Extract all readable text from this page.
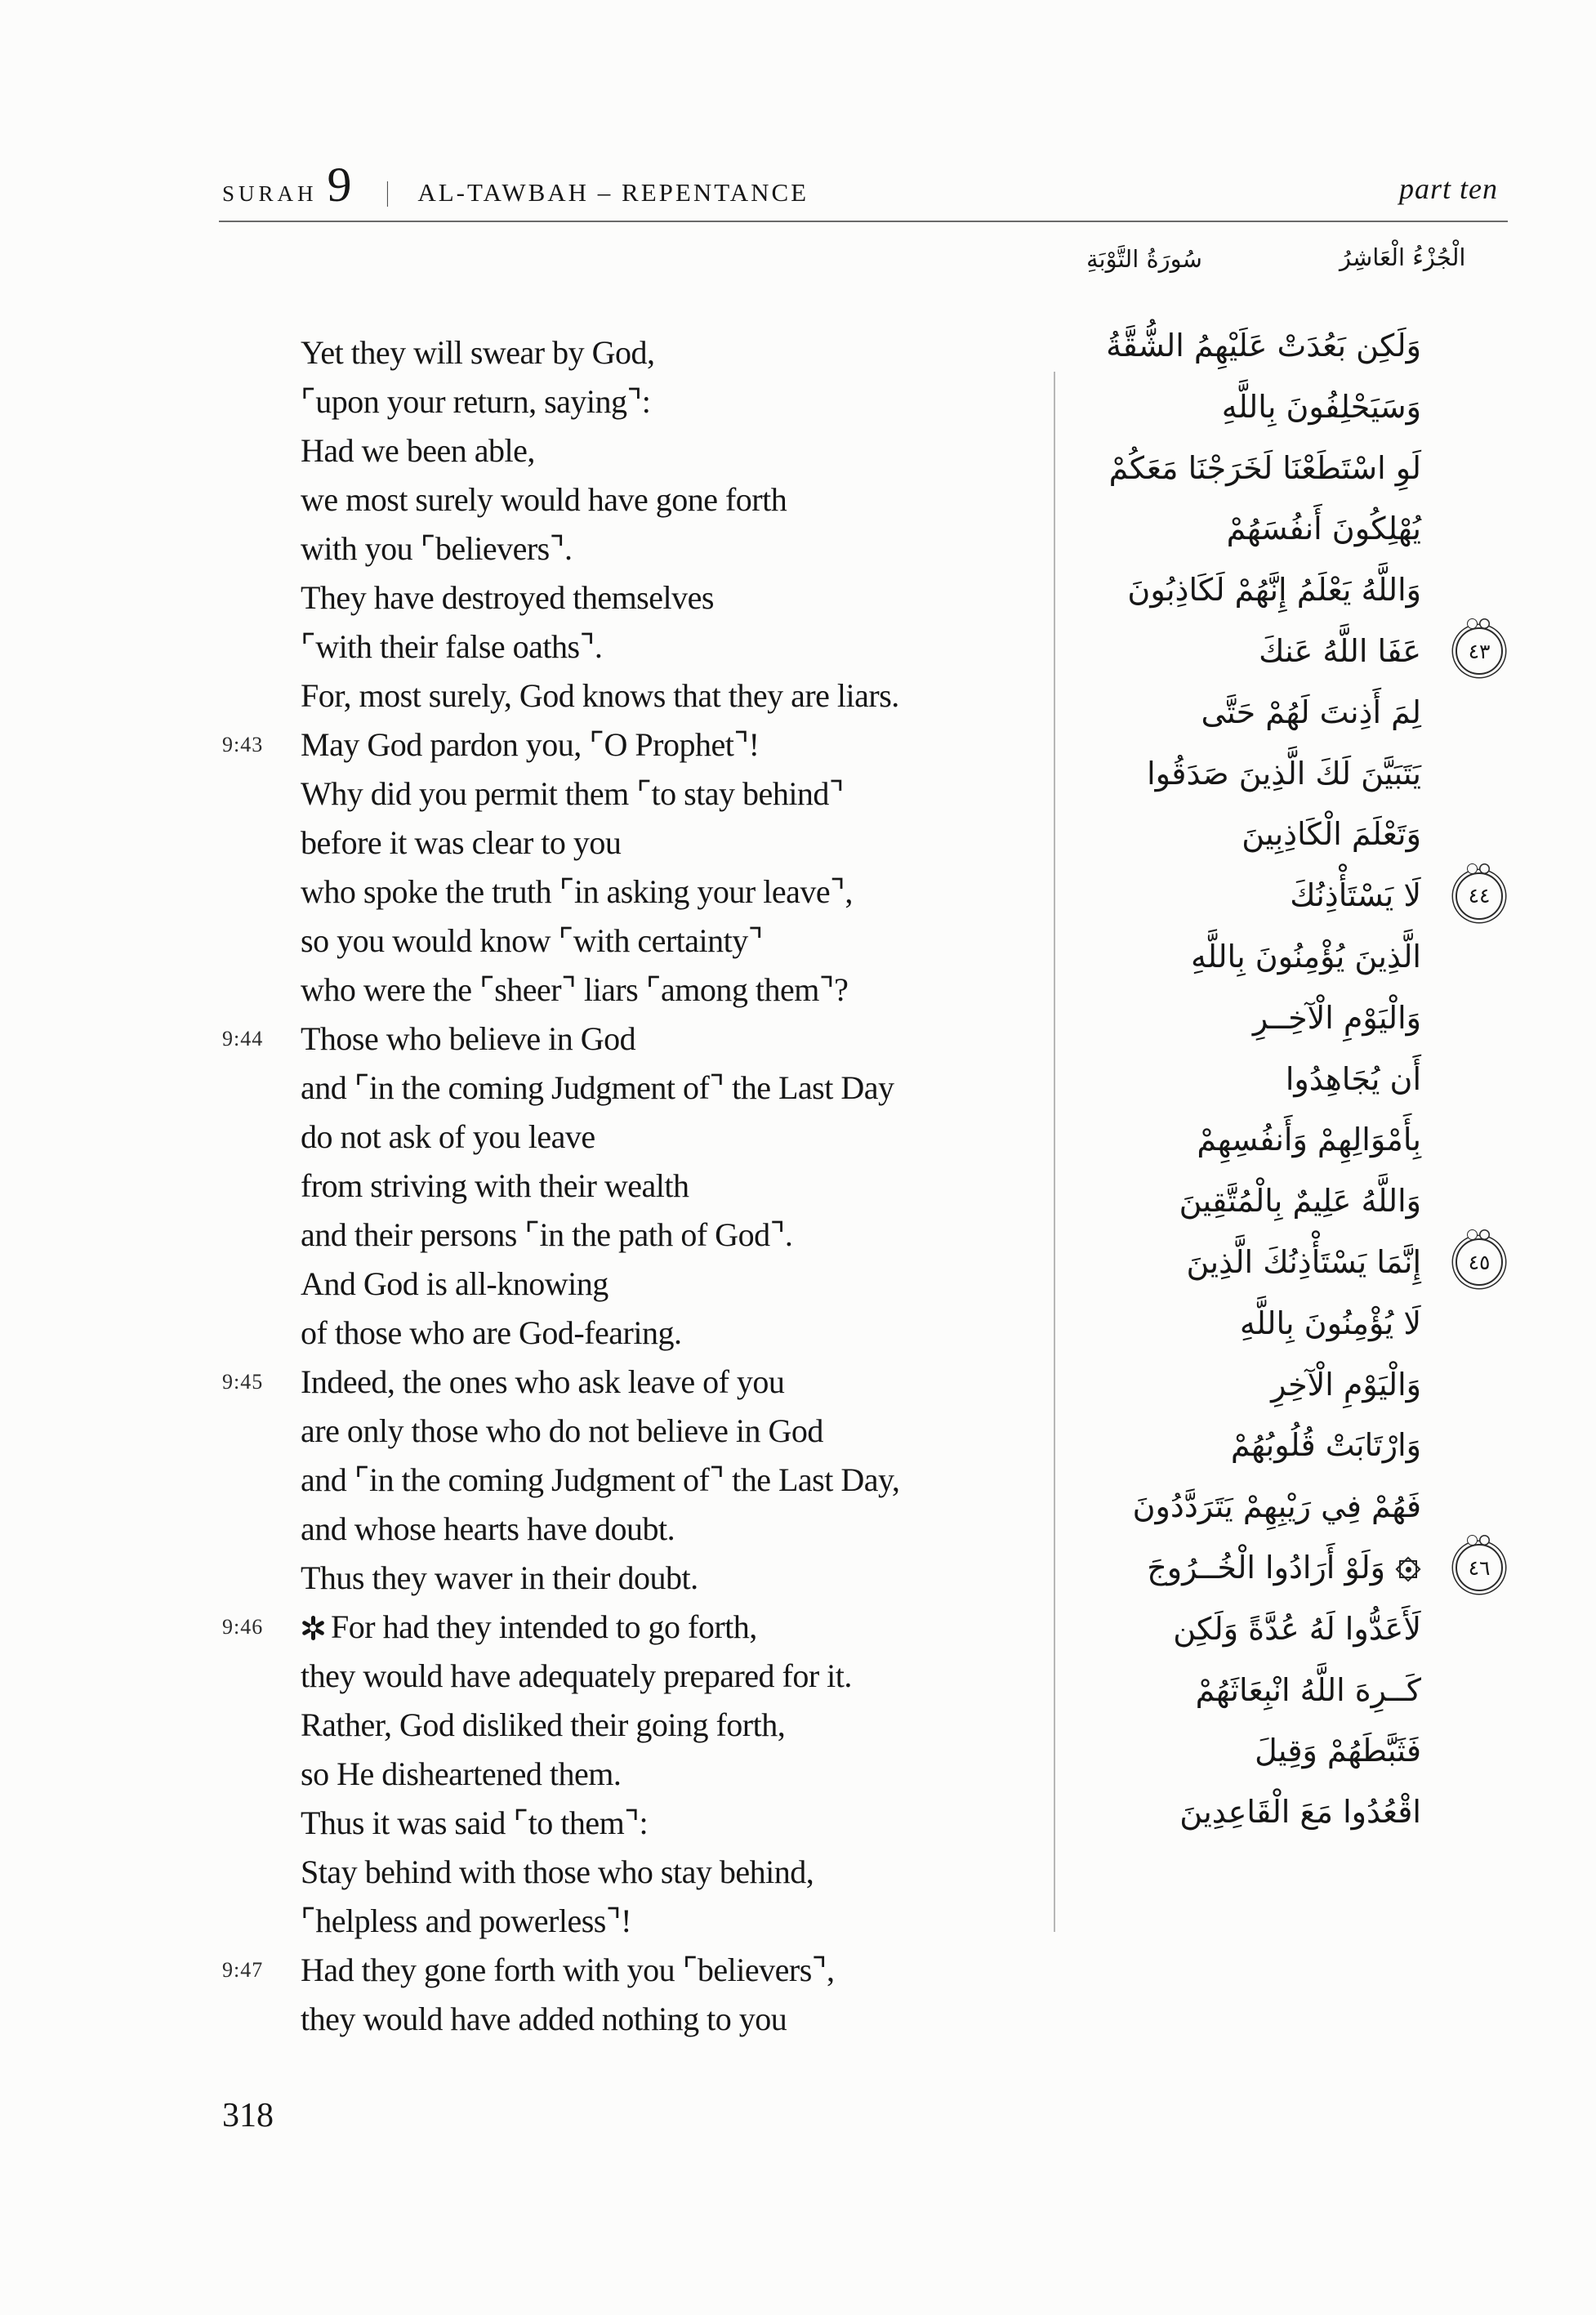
SURAH 9 | AL-TAWBAH – REPENTANCE	part ten
سُورَةُ التَّوْبَةِ	الْجُزْءُ الْعَاشِرُ
Yet they will swear by God,
⌜upon your return, saying⌝:
Had we been able,
we most surely would have gone forth
with you ⌜believers⌝.
They have destroyed themselves
⌜with their false oaths⌝.
For, most surely, God knows that they are liars.
9:43 May God pardon you, ⌜O Prophet⌝!
Why did you permit them ⌜to stay behind⌝
before it was clear to you
who spoke the truth ⌜in asking your leave⌝,
so you would know ⌜with certainty⌝
who were the ⌜sheer⌝ liars ⌜among them⌝?
9:44 Those who believe in God
and ⌜in the coming Judgment of⌝ the Last Day
do not ask of you leave
from striving with their wealth
and their persons ⌜in the path of God⌝.
And God is all-knowing
of those who are God-fearing.
9:45 Indeed, the ones who ask leave of you
are only those who do not believe in God
and ⌜in the coming Judgment of⌝ the Last Day,
and whose hearts have doubt.
Thus they waver in their doubt.
9:46 For had they intended to go forth,
they would have adequately prepared for it.
Rather, God disliked their going forth,
so He disheartened them.
Thus it was said ⌜to them⌝:
Stay behind with those who stay behind,
⌜helpless and powerless⌝!
9:47 Had they gone forth with you ⌜believers⌝,
they would have added nothing to you
وَلَكِن بَعُدَتْ عَلَيْهِمُ الشُّقَّةُ
وَسَيَحْلِفُونَ بِاللَّهِ
لَوِ اسْتَطَعْنَا لَخَرَجْنَا مَعَكُمْ
يُهْلِكُونَ أَنفُسَهُمْ
وَاللَّهُ يَعْلَمُ إِنَّهُمْ لَكَاذِبُونَ
عَفَا اللَّهُ عَنكَ ٤٣
لِمَ أَذِنتَ لَهُمْ حَتَّى
يَتَبَيَّنَ لَكَ الَّذِينَ صَدَقُوا
وَتَعْلَمَ الْكَاذِبِينَ
لَا يَسْتَأْذِنُكَ ٤٤
الَّذِينَ يُؤْمِنُونَ بِاللَّهِ
وَالْيَوْمِ الْآخِــرِ
أَن يُجَاهِدُوا
بِأَمْوَالِهِمْ وَأَنفُسِهِمْ
وَاللَّهُ عَلِيمٌ بِالْمُتَّقِينَ
إِنَّمَا يَسْتَأْذِنُكَ الَّذِينَ ٤٥
لَا يُؤْمِنُونَ بِاللَّهِ
وَالْيَوْمِ الْآخِرِ
وَارْتَابَتْ قُلُوبُهُمْ
فَهُمْ فِي رَيْبِهِمْ يَتَرَدَّدُونَ
وَلَوْ أَرَادُوا الْخُــرُوجَ	٤٦
لَأَعَدُّوا لَهُ عُدَّةً وَلَكِن
كَــرِهَ اللَّهُ انْبِعَاثَهُمْ
فَثَبَّطَهُمْ وَقِيلَ
اقْعُدُوا مَعَ الْقَاعِدِينَ
318
